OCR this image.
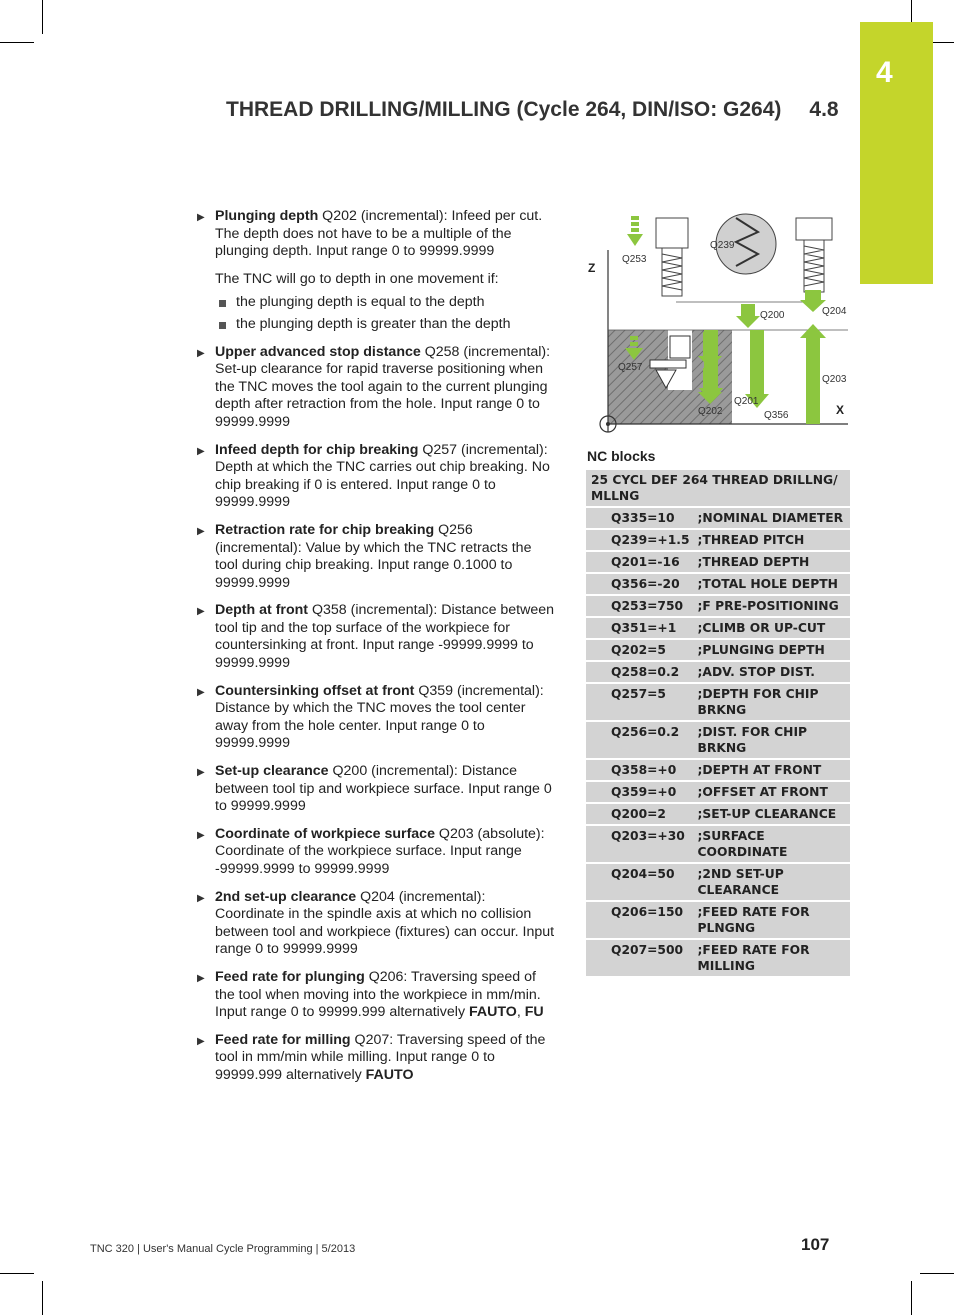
4
THREAD DRILLING/MILLING (Cycle 264, DIN/ISO: G264) 4.8
▶ Plunging depth Q202 (incremental): Infeed per cut. The depth does not have to be a multiple of the plunging depth. Input range 0 to 99999.9999
The TNC will go to depth in one movement if:
the plunging depth is equal to the depth
the plunging depth is greater than the depth
▶ Upper advanced stop distance Q258 (incremental): Set-up clearance for rapid traverse positioning when the TNC moves the tool again to the current plunging depth after retraction from the hole. Input range 0 to 99999.9999
▶ Infeed depth for chip breaking Q257 (incremental): Depth at which the TNC carries out chip breaking. No chip breaking if 0 is entered. Input range 0 to 99999.9999
▶ Retraction rate for chip breaking Q256 (incremental): Value by which the TNC retracts the tool during chip breaking. Input range 0.1000 to 99999.9999
▶ Depth at front Q358 (incremental): Distance between tool tip and the top surface of the workpiece for countersinking at front. Input range -99999.9999 to 99999.9999
▶ Countersinking offset at front Q359 (incremental): Distance by which the TNC moves the tool center away from the hole center. Input range 0 to 99999.9999
▶ Set-up clearance Q200 (incremental): Distance between tool tip and workpiece surface. Input range 0 to 99999.9999
▶ Coordinate of workpiece surface Q203 (absolute): Coordinate of the workpiece surface. Input range -99999.9999 to 99999.9999
▶ 2nd set-up clearance Q204 (incremental): Coordinate in the spindle axis at which no collision between tool and workpiece (fixtures) can occur. Input range 0 to 99999.9999
▶ Feed rate for plunging Q206: Traversing speed of the tool when moving into the workpiece in mm/min. Input range 0 to 99999.999 alternatively FAUTO, FU
▶ Feed rate for milling Q207: Traversing speed of the tool in mm/min while milling. Input range 0 to 99999.999 alternatively FAUTO
Z
X
Q253
Q239
Q200	Q204
Q257
Q203
Q201
Q202	Q356
NC blocks
25 CYCL DEF 264 THREAD DRILLNG/ MLLNG	
Q335=10	;NOMINAL DIAMETER
Q239=+1.5	;THREAD PITCH
Q201=-16	;THREAD DEPTH
Q356=-20	;TOTAL HOLE DEPTH
Q253=750	;F PRE-POSITIONING
Q351=+1	;CLIMB OR UP-CUT
Q202=5	;PLUNGING DEPTH
Q258=0.2	;ADV. STOP DIST.
Q257=5	;DEPTH FOR CHIP BRKNG
Q256=0.2	;DIST. FOR CHIP BRKNG
Q358=+0	;DEPTH AT FRONT
Q359=+0	;OFFSET AT FRONT
Q200=2	;SET-UP CLEARANCE
Q203=+30	;SURFACE COORDINATE
Q204=50	;2ND SET-UP CLEARANCE
Q206=150	;FEED RATE FOR PLNGNG
Q207=500	;FEED RATE FOR MILLING
TNC 320 | User's Manual Cycle Programming | 5/2013	107
